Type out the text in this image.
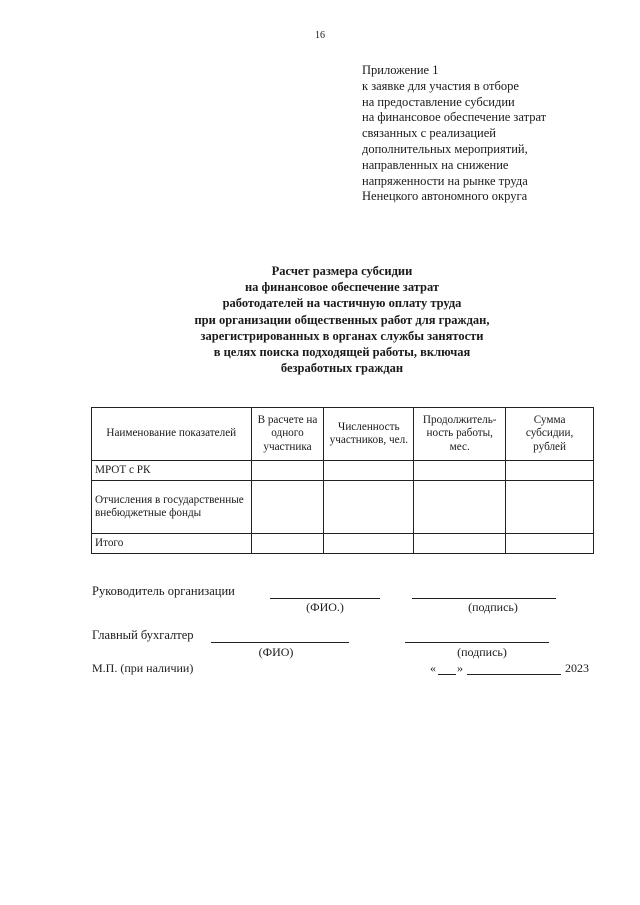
16
Приложение 1
к заявке для участия в отборе
на предоставление субсидии
на финансовое обеспечение затрат
связанных с реализацией
дополнительных мероприятий,
направленных на снижение
напряженности на рынке труда
Ненецкого автономного округа
Расчет размера субсидии
на финансовое обеспечение затрат
работодателей на частичную оплату труда
при организации общественных работ для граждан,
зарегистрированных в органах службы занятости
в целях поиска подходящей работы, включая
безработных граждан
Наименование показателей	В расчете на одного участника	Численность участников, чел.	Продолжитель-ность работы, мес.	Сумма субсидии, рублей
МРОТ с РК				
Отчисления в государственные внебюджетные фонды				
Итого				
Руководитель организации
(ФИО.)	(подпись)
Главный бухгалтер
(ФИО)	(подпись)
М.П. (при наличии)	« »	2023
